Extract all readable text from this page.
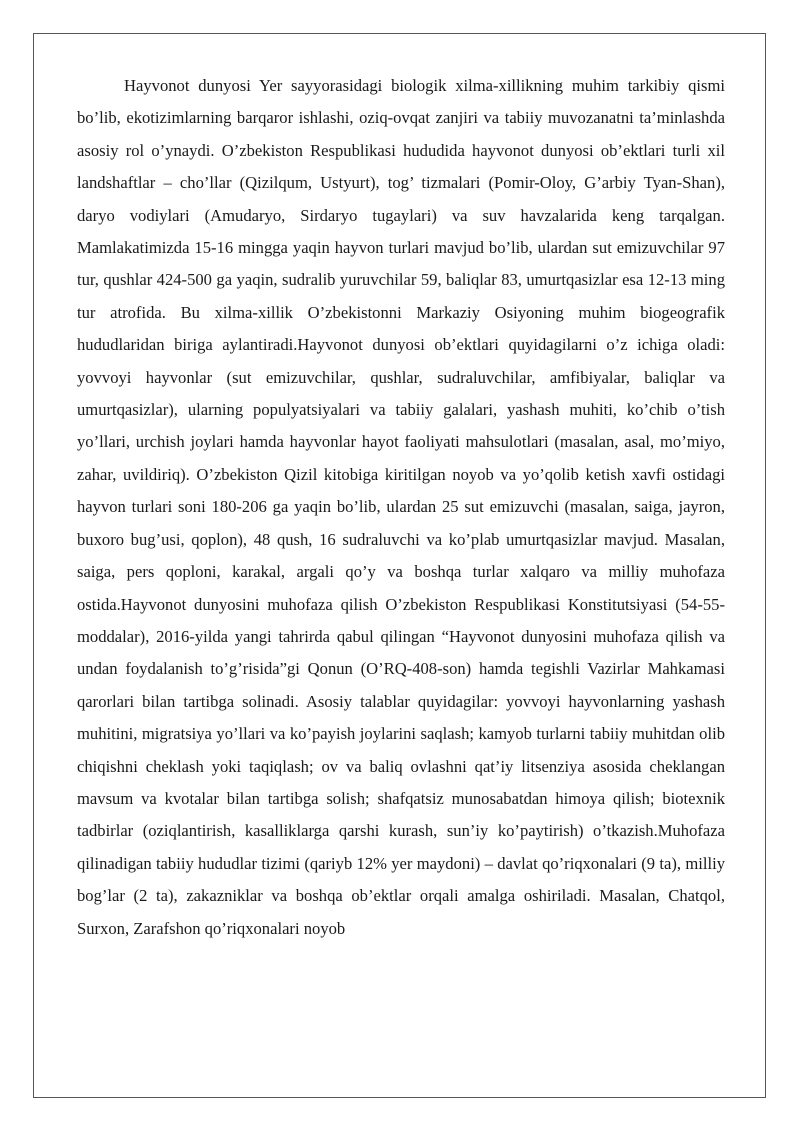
Hayvonot dunyosi Yer sayyorasidagi biologik xilma-xillikning muhim tarkibiy qismi bo’lib, ekotizimlarning barqaror ishlashi, oziq-ovqat zanjiri va tabiiy muvozanatni ta’minlashda asosiy rol o’ynaydi. O’zbekiston Respublikasi hududida hayvonot dunyosi ob’ektlari turli xil landshaftlar – cho’llar (Qizilqum, Ustyurt), tog’ tizmalari (Pomir-Oloy, G’arbiy Tyan-Shan), daryo vodiylari (Amudaryo, Sirdaryo tugaylari) va suv havzalarida keng tarqalgan. Mamlakatimizda 15-16 mingga yaqin hayvon turlari mavjud bo’lib, ulardan sut emizuvchilar 97 tur, qushlar 424-500 ga yaqin, sudralib yuruvchilar 59, baliqlar 83, umurtqasizlar esa 12-13 ming tur atrofida. Bu xilma-xillik O’zbekistonni Markaziy Osiyoning muhim biogeografik hududlaridan biriga aylantiradi.Hayvonot dunyosi ob’ektlari quyidagilarni o’z ichiga oladi: yovvoyi hayvonlar (sut emizuvchilar, qushlar, sudraluvchilar, amfibiyalar, baliqlar va umurtqasizlar), ularning populyatsiyalari va tabiiy galalari, yashash muhiti, ko’chib o’tish yo’llari, urchish joylari hamda hayvonlar hayot faoliyati mahsulotlari (masalan, asal, mo’miyo, zahar, uvildiriq). O’zbekiston Qizil kitobiga kiritilgan noyob va yo’qolib ketish xavfi ostidagi hayvon turlari soni 180-206 ga yaqin bo’lib, ulardan 25 sut emizuvchi (masalan, saiga, jayron, buxoro bug’usi, qoplon), 48 qush, 16 sudraluvchi va ko’plab umurtqasizlar mavjud. Masalan, saiga, pers qoploni, karakal, argali qo’y va boshqa turlar xalqaro va milliy muhofaza ostida.Hayvonot dunyosini muhofaza qilish O’zbekiston Respublikasi Konstitutsiyasi (54-55-moddalar), 2016-yilda yangi tahrirda qabul qilingan “Hayvonot dunyosini muhofaza qilish va undan foydalanish to’g’risida”gi Qonun (O’RQ-408-son) hamda tegishli Vazirlar Mahkamasi qarorlari bilan tartibga solinadi. Asosiy talablar quyidagilar: yovvoyi hayvonlarning yashash muhitini, migratsiya yo’llari va ko’payish joylarini saqlash; kamyob turlarni tabiiy muhitdan olib chiqishni cheklash yoki taqiqlash; ov va baliq ovlashni qat’iy litsenziya asosida cheklangan mavsum va kvotalar bilan tartibga solish; shafqatsiz munosabatdan himoya qilish; biotexnik tadbirlar (oziqlantirish, kasalliklarga qarshi kurash, sun’iy ko’paytirish) o’tkazish.Muhofaza qilinadigan tabiiy hududlar tizimi (qariyb 12% yer maydoni) – davlat qo’riqxonalari (9 ta), milliy bog’lar (2 ta), zakazniklar va boshqa ob’ektlar orqali amalga oshiriladi. Masalan, Chatqol, Surxon, Zarafshon qo’riqxonalari noyob
